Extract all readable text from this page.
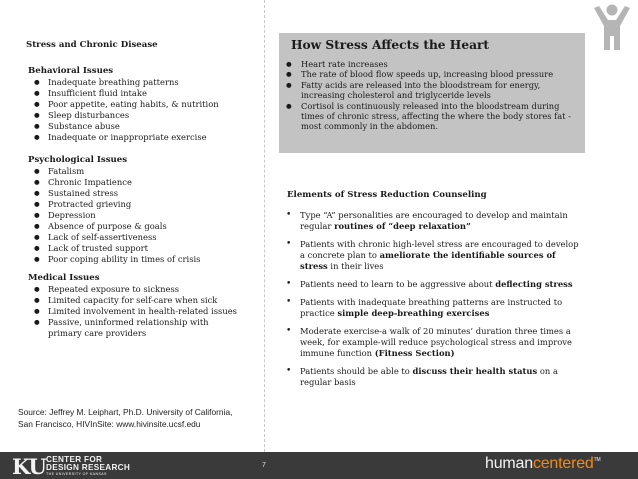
Stress and Chronic Disease
Behavioral Issues
● Inadequate breathing patterns
● Insufficient fluid intake
● Poor appetite, eating habits, & nutrition
● Sleep disturbances
● Substance abuse
● Inadequate or inappropriate exercise
Psychological Issues
● Fatalism
● Chronic Impatience
● Sustained stress
● Protracted grieving
● Depression
● Absence of purpose & goals
● Lack of self-assertiveness
● Lack of trusted support
● Poor coping ability in times of crisis
Medical Issues
● Repeated exposure to sickness
● Limited capacity for self-care when sick
● Limited involvement in health-related issues
● Passive, uninformed relationship with
primary care providers
Source: Jeffrey M. Leiphart, Ph.D. University of California,
San Francisco, HIVInSite: www.hivinsite.ucsf.edu
How Stress Affects the Heart
● Heart rate increases
● The rate of blood flow speeds up, increasing blood pressure
● Fatty acids are released into the bloodstream for energy, increasing cholesterol and triglyceride levels
● Cortisol is continuously released into the bloodstream during times of chronic stress, affecting the where the body stores fat - most commonly in the abdomen.
Elements of Stress Reduction Counseling
• Type “A” personalities are encouraged to develop and maintain regular routines of “deep relaxation”
• Patients with chronic high-level stress are encouraged to develop a concrete plan to ameliorate the identifiable sources of stress in their lives
• Patients need to learn to be aggressive about deflecting stress
• Patients with inadequate breathing patterns are instructed to practice simple deep-breathing exercises
• Moderate exercise-a walk of 20 minutes’ duration three times a week, for example-will reduce psychological stress and improve immune function (Fitness Section)
• Patients should be able to discuss their health status on a regular basis
KU CENTER FOR
DESIGN RESEARCH
THE UNIVERSITY OF KANSAS
7	humancentered™
